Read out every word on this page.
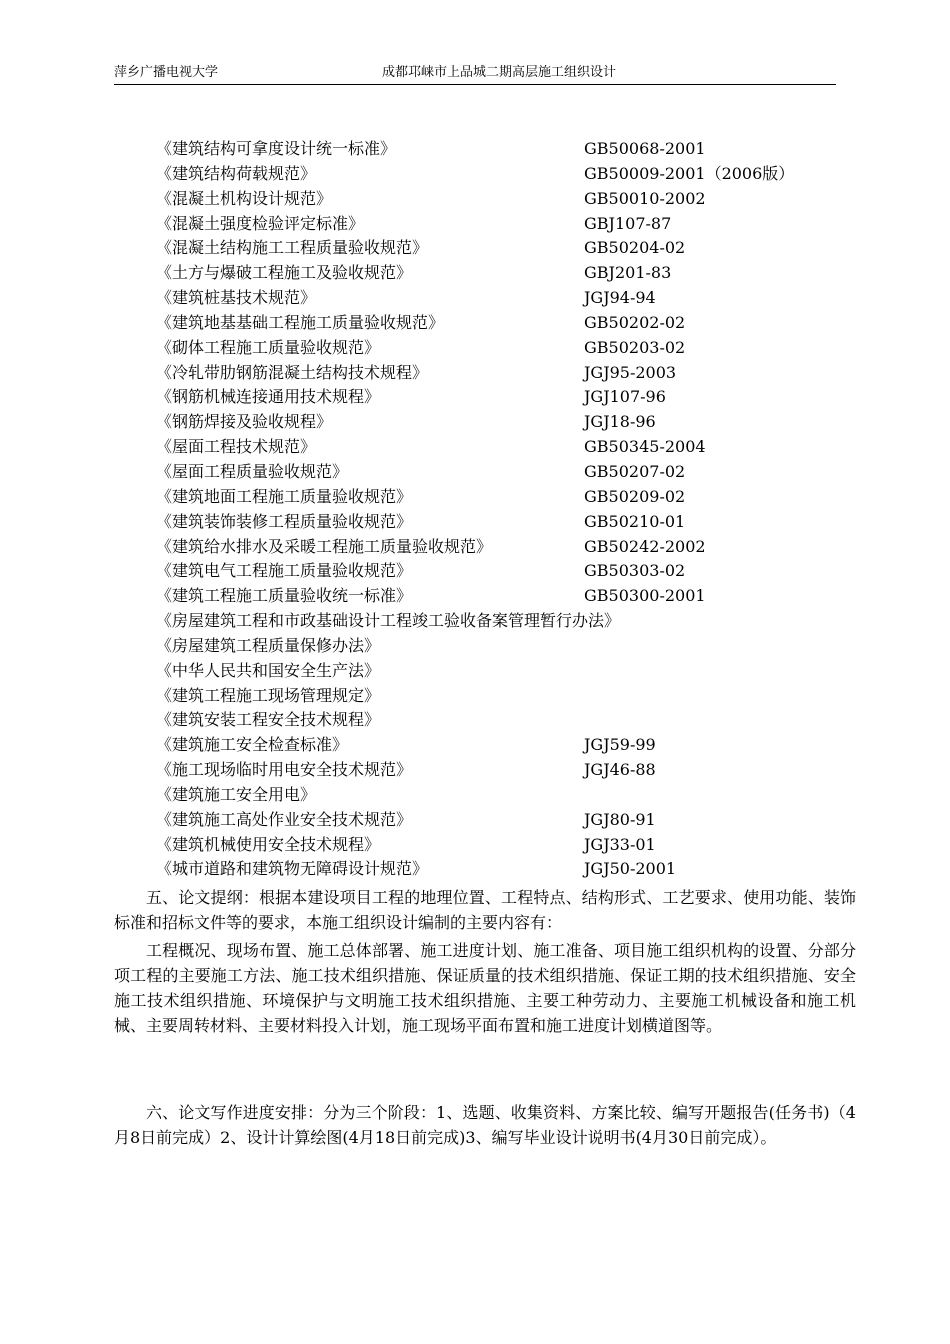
萍乡广播电视大学	成都邛崃市上品城二期高层施工组织设计
《建筑结构可拿度设计统一标准》	GB50068-2001
《建筑结构荷载规范》	GB50009-2001（2006版）
《混凝土机构设计规范》	GB50010-2002
《混凝土强度检验评定标准》	GBJ107-87
《混凝土结构施工工程质量验收规范》	GB50204-02
《土方与爆破工程施工及验收规范》	GBJ201-83
《建筑桩基技术规范》	JGJ94-94
《建筑地基基础工程施工质量验收规范》	GB50202-02
《砌体工程施工质量验收规范》	GB50203-02
《冷轧带肋钢筋混凝土结构技术规程》	JGJ95-2003
《钢筋机械连接通用技术规程》	JGJ107-96
《钢筋焊接及验收规程》	JGJ18-96
《屋面工程技术规范》	GB50345-2004
《屋面工程质量验收规范》	GB50207-02
《建筑地面工程施工质量验收规范》	GB50209-02
《建筑装饰装修工程质量验收规范》	GB50210-01
《建筑给水排水及采暖工程施工质量验收规范》	GB50242-2002
《建筑电气工程施工质量验收规范》	GB50303-02
《建筑工程施工质量验收统一标准》	GB50300-2001
《房屋建筑工程和市政基础设计工程竣工验收备案管理暂行办法》
《房屋建筑工程质量保修办法》
《中华人民共和国安全生产法》
《建筑工程施工现场管理规定》
《建筑安装工程安全技术规程》
《建筑施工安全检查标准》	JGJ59-99
《施工现场临时用电安全技术规范》	JGJ46-88
《建筑施工安全用电》
《建筑施工高处作业安全技术规范》	JGJ80-91
《建筑机械使用安全技术规程》	JGJ33-01
《城市道路和建筑物无障碍设计规范》	JGJ50-2001

五、论文提纲：根据本建设项目工程的地理位置、工程特点、结构形式、工艺要求、使用功能、装饰标准和招标文件等的要求，本施工组织设计编制的主要内容有：

工程概况、现场布置、施工总体部署、施工进度计划、施工准备、项目施工组织机构的设置、分部分项工程的主要施工方法、施工技术组织措施、保证质量的技术组织措施、保证工期的技术组织措施、安全施工技术组织措施、环境保护与文明施工技术组织措施、主要工种劳动力、主要施工机械设备和施工机械、主要周转材料、主要材料投入计划，施工现场平面布置和施工进度计划横道图等。

六、论文写作进度安排：分为三个阶段：1、选题、收集资料、方案比较、编写开题报告(任务书)（4月8日前完成）2、设计计算绘图(4月18日前完成)3、编写毕业设计说明书(4月30日前完成）。
